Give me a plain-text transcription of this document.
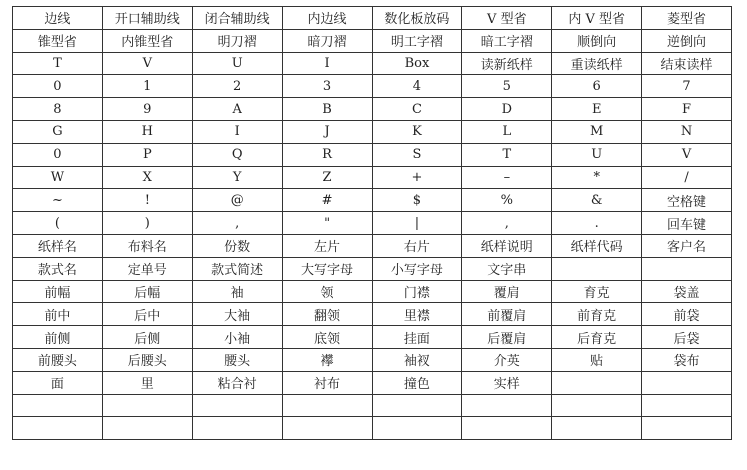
边线	开口辅助线	闭合辅助线	内边线	数化板放码	V 型省	内 V 型省	菱型省
锥型省	内锥型省	明刀褶	暗刀褶	明工字褶	暗工字褶	顺倒向	逆倒向
T	V	U	I	Box	读新纸样	重读纸样	结束读样
0	1	2	3	4	5	6	7
8	9	A	B	C	D	E	F
G	H	I	J	K	L	M	N
0	P	Q	R	S	T	U	V
W	X	Y	Z	+	–	*	/
~	!	@	#	$	%	&	空格键
(	)	,	"	|	,	.	回车键
纸样名	布料名	份数	左片	右片	纸样说明	纸样代码	客户名
款式名	定单号	款式简述	大写字母	小写字母	文字串		
前幅	后幅	袖	领	门襟	覆肩	育克	袋盖
前中	后中	大袖	翻领	里襟	前覆肩	前育克	前袋
前侧	后侧	小袖	底领	挂面	后覆肩	后育克	后袋
前腰头	后腰头	腰头	襻	袖衩	介英	贴	袋布
面	里	粘合衬	衬布	撞色	实样		
